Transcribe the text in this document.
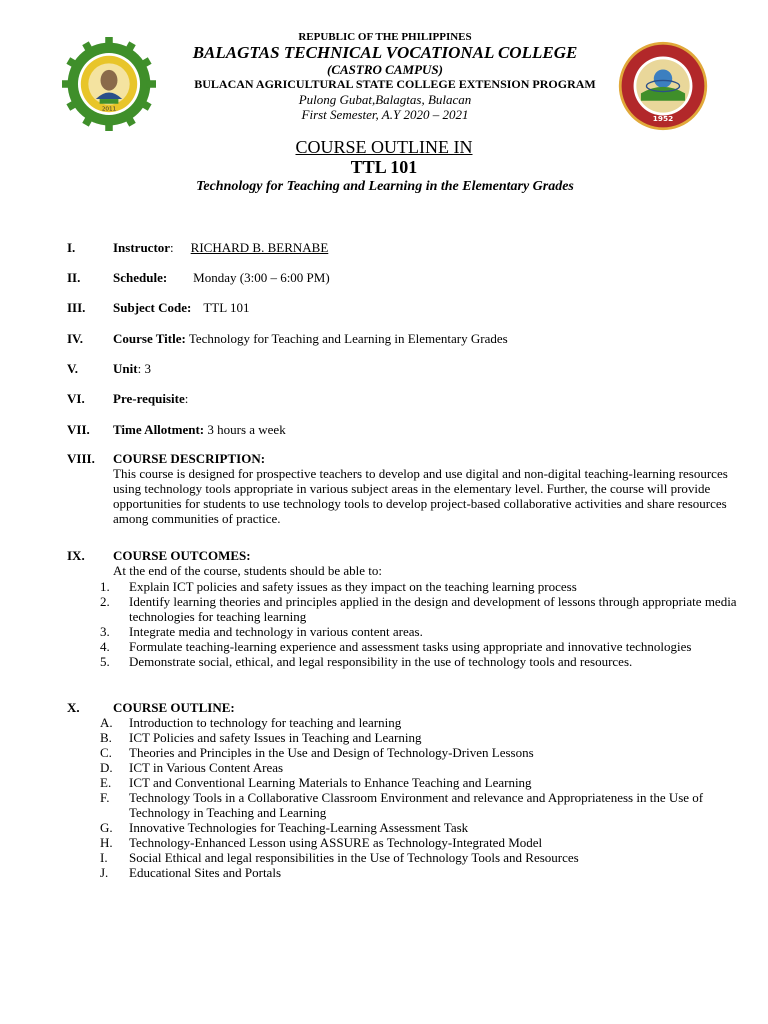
2011
1952
REPUBLIC OF THE PHILIPPINES
BALAGTAS TECHNICAL VOCATIONAL COLLEGE
(CASTRO CAMPUS)
BULACAN AGRICULTURAL STATE COLLEGE EXTENSION PROGRAM
Pulong Gubat,Balagtas, Bulacan
First Semester, A.Y 2020 – 2021
COURSE OUTLINE IN
TTL 101
Technology for Teaching and Learning in the Elementary Grades
I.	Instructor: RICHARD B. BERNABE
II.	Schedule: Monday (3:00 – 6:00 PM)
III. Subject Code: TTL 101
IV. Course Title: Technology for Teaching and Learning in Elementary Grades
V.	Unit: 3
VI. Pre-requisite:
VII. Time Allotment: 3 hours a week
VIII. COURSE DESCRIPTION:
This course is designed for prospective teachers to develop and use digital and non-digital teaching-learning resources using technology tools appropriate in various subject areas in the elementary level. Further, the course will provide opportunities for students to use technology tools to develop project-based collaborative activities and share resources among communities of practice.
IX. COURSE OUTCOMES:
At the end of the course, students should be able to:
1.	Explain ICT policies and safety issues as they impact on the teaching learning process
2.	Identify learning theories and principles applied in the design and development of lessons through appropriate media technologies for teaching learning
3.	Integrate media and technology in various content areas.
4.	Formulate teaching-learning experience and assessment tasks using appropriate and innovative technologies
5.	Demonstrate social, ethical, and legal responsibility in the use of technology tools and resources.
X.	COURSE OUTLINE:
A.	Introduction to technology for teaching and learning
B.	ICT Policies and safety Issues in Teaching and Learning
C.	Theories and Principles in the Use and Design of Technology-Driven Lessons
D.	ICT in Various Content Areas
E.	ICT and Conventional Learning Materials to Enhance Teaching and Learning
F.	Technology Tools in a Collaborative Classroom Environment and relevance and Appropriateness in the Use of Technology in Teaching and Learning
G.	Innovative Technologies for Teaching-Learning Assessment Task
H.	Technology-Enhanced Lesson using ASSURE as Technology-Integrated Model
I.	Social Ethical and legal responsibilities in the Use of Technology Tools and Resources
J.	Educational Sites and Portals
